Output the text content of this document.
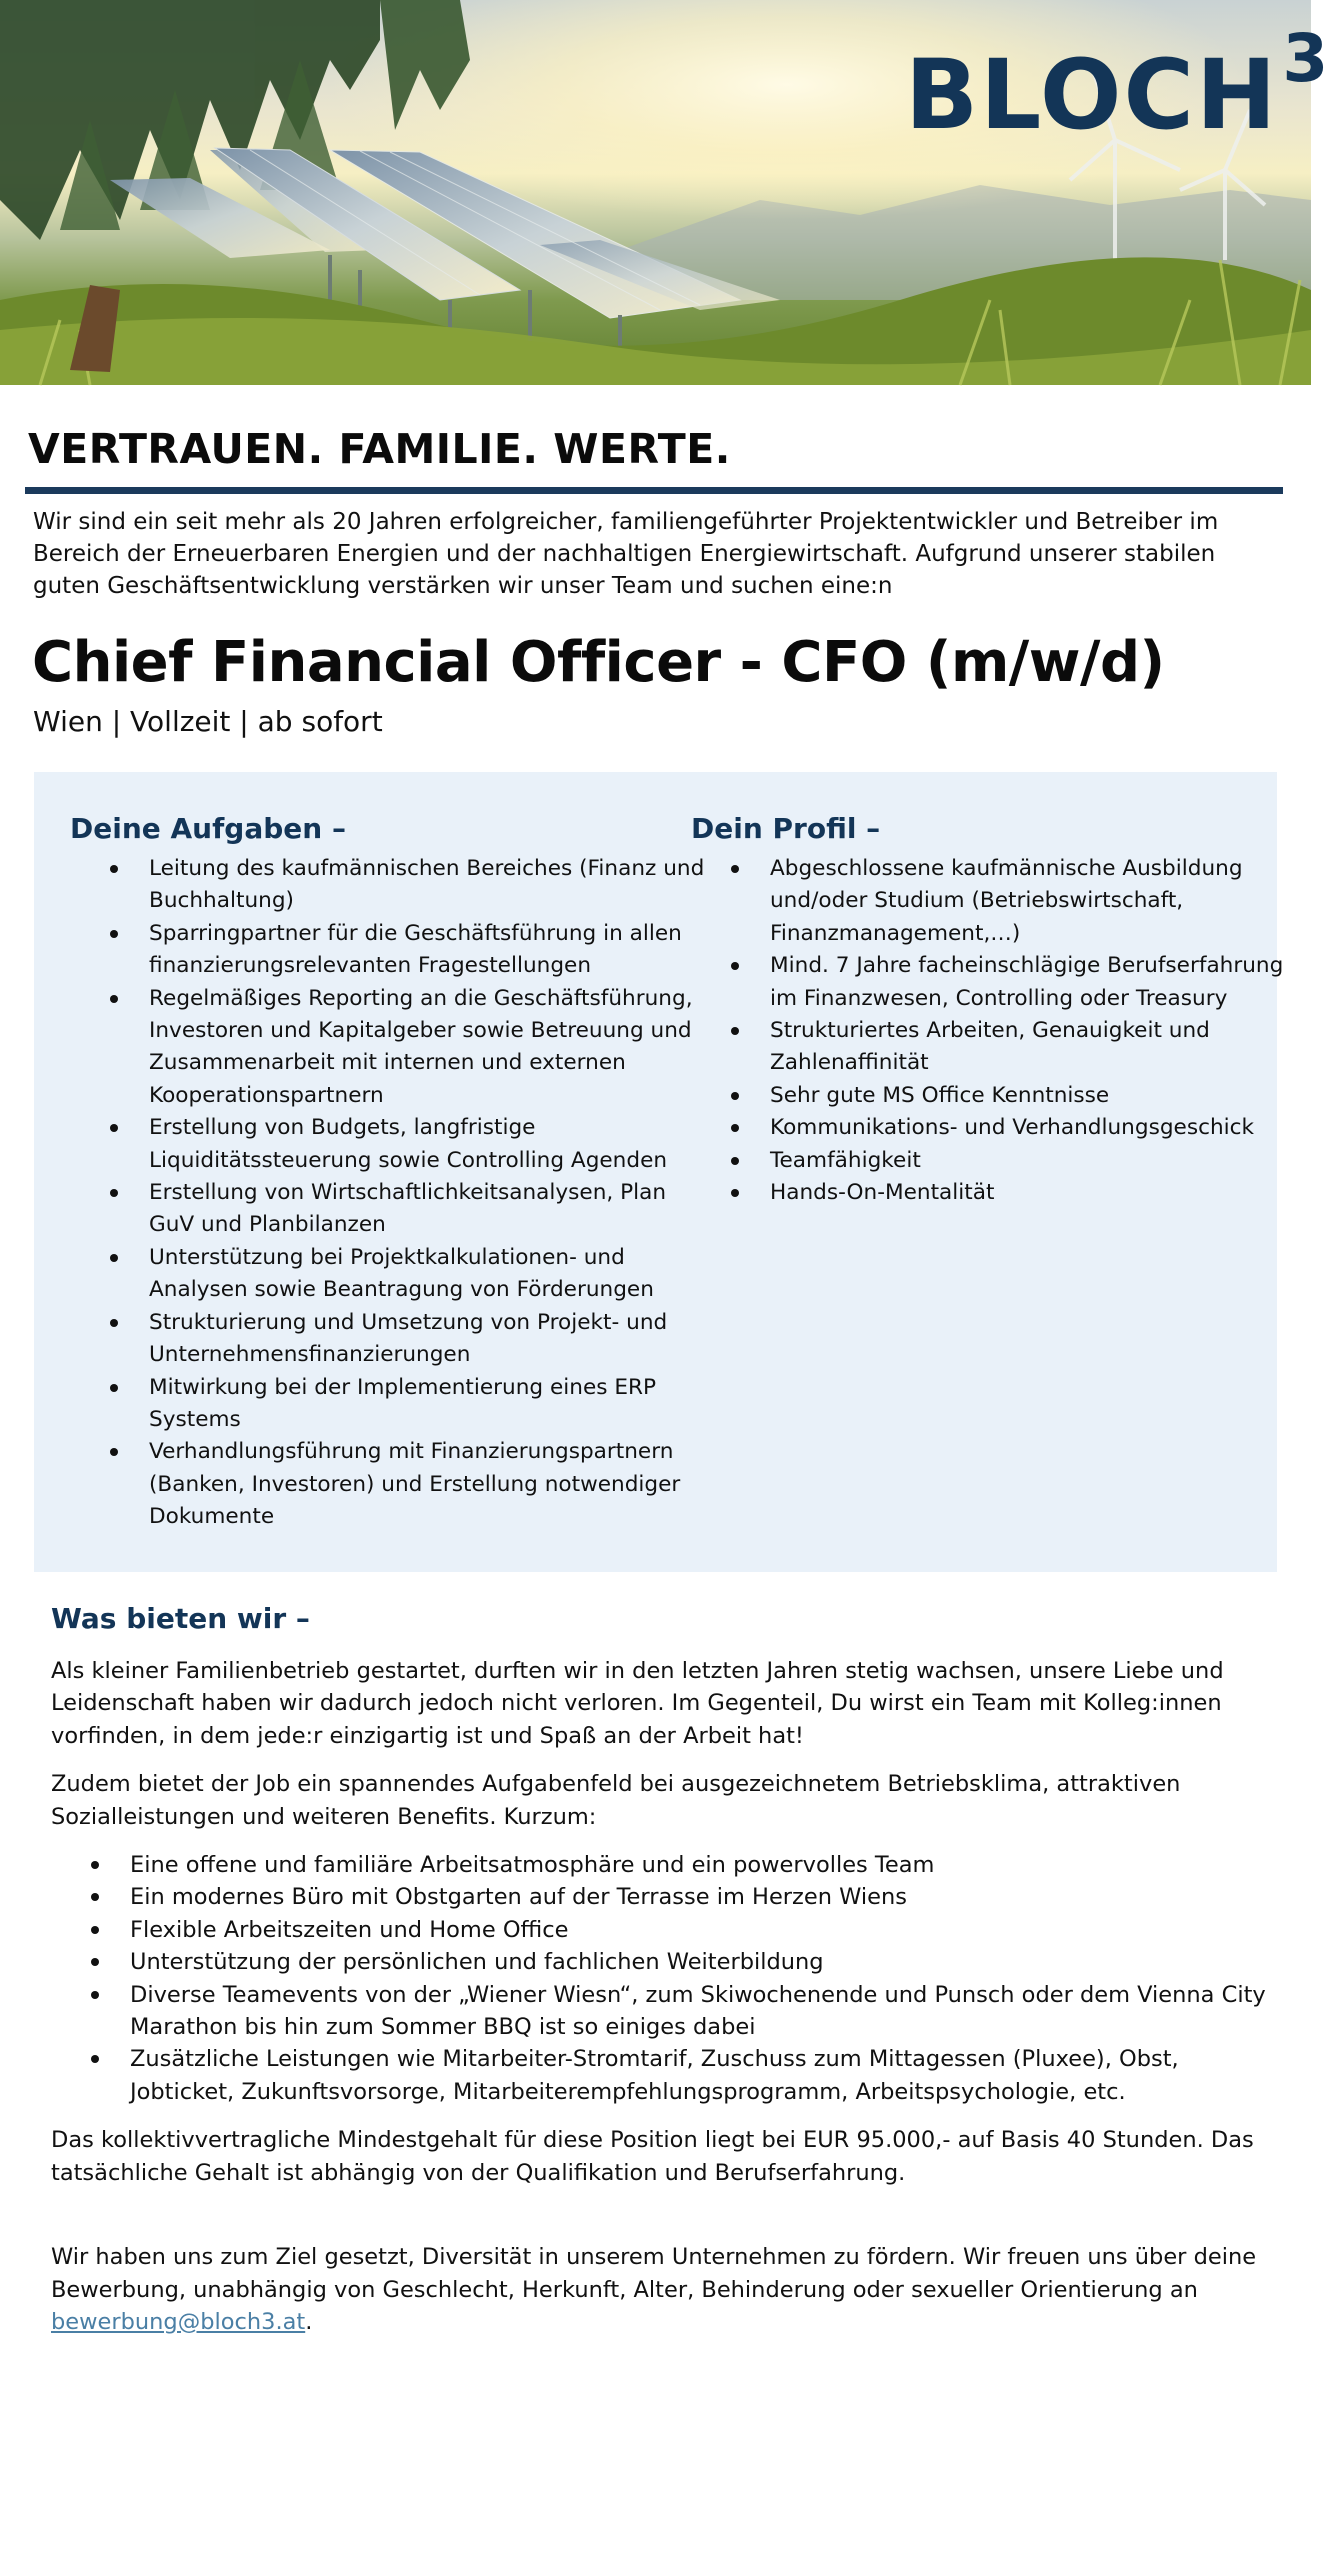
BLOCH3
VERTRAUEN. FAMILIE. WERTE.

Wir sind ein seit mehr als 20 Jahren erfolgreicher, familiengeführter Projektentwickler und Betreiber im Bereich der Erneuerbaren Energien und der nachhaltigen Energiewirtschaft. Aufgrund unserer stabilen guten Geschäftsentwicklung verstärken wir unser Team und suchen eine:n

Chief Financial Officer - CFO (m/w/d)

Wien | Vollzeit | ab sofort

Deine Aufgaben –
Leitung des kaufmännischen Bereiches (Finanz und Buchhaltung)
Sparringpartner für die Geschäftsführung in allen finanzierungsrelevanten Fragestellungen
Regelmäßiges Reporting an die Geschäftsführung, Investoren und Kapitalgeber sowie Betreuung und Zusammenarbeit mit internen und externen Kooperationspartnern
Erstellung von Budgets, langfristige Liquiditätssteuerung sowie Controlling Agenden
Erstellung von Wirtschaftlichkeitsanalysen, Plan GuV und Planbilanzen
Unterstützung bei Projektkalkulationen- und Analysen sowie Beantragung von Förderungen
Strukturierung und Umsetzung von Projekt- und Unternehmensfinanzierungen
Mitwirkung bei der Implementierung eines ERP Systems
Verhandlungsführung mit Finanzierungspartnern (Banken, Investoren) und Erstellung notwendiger Dokumente
Dein Profil –
Abgeschlossene kaufmännische Ausbildung und/oder Studium (Betriebswirtschaft, Finanzmanagement,…)
Mind. 7 Jahre facheinschlägige Berufserfahrung im Finanzwesen, Controlling oder Treasury
Strukturiertes Arbeiten, Genauigkeit und Zahlenaffinität
Sehr gute MS Office Kenntnisse
Kommunikations- und Verhandlungsgeschick
Teamfähigkeit
Hands-On-Mentalität
Was bieten wir –

Als kleiner Familienbetrieb gestartet, durften wir in den letzten Jahren stetig wachsen, unsere Liebe und Leidenschaft haben wir dadurch jedoch nicht verloren. Im Gegenteil, Du wirst ein Team mit Kolleg:innen vorfinden, in dem jede:r einzigartig ist und Spaß an der Arbeit hat!

Zudem bietet der Job ein spannendes Aufgabenfeld bei ausgezeichnetem Betriebsklima, attraktiven Sozialleistungen und weiteren Benefits. Kurzum:

Eine offene und familiäre Arbeitsatmosphäre und ein powervolles Team
Ein modernes Büro mit Obstgarten auf der Terrasse im Herzen Wiens
Flexible Arbeitszeiten und Home Office
Unterstützung der persönlichen und fachlichen Weiterbildung
Diverse Teamevents von der „Wiener Wiesn“, zum Skiwochenende und Punsch oder dem Vienna City Marathon bis hin zum Sommer BBQ ist so einiges dabei
Zusätzliche Leistungen wie Mitarbeiter-Stromtarif, Zuschuss zum Mittagessen (Pluxee), Obst, Jobticket, Zukunftsvorsorge, Mitarbeiterempfehlungsprogramm, Arbeitspsychologie, etc.

Das kollektivvertragliche Mindestgehalt für diese Position liegt bei EUR 95.000,- auf Basis 40 Stunden. Das tatsächliche Gehalt ist abhängig von der Qualifikation und Berufserfahrung.

Wir haben uns zum Ziel gesetzt, Diversität in unserem Unternehmen zu fördern. Wir freuen uns über deine Bewerbung, unabhängig von Geschlecht, Herkunft, Alter, Behinderung oder sexueller Orientierung an bewerbung@bloch3.at.
